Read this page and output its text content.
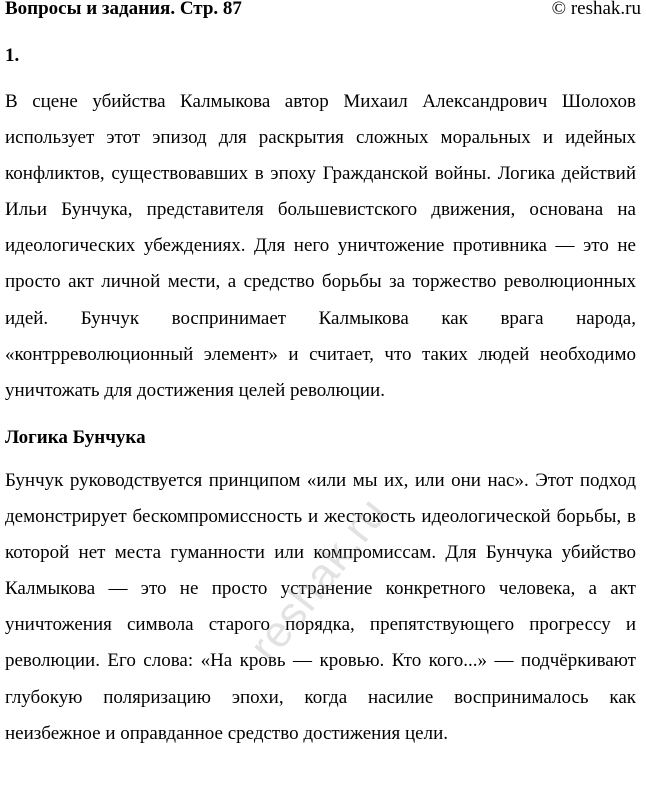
Вопросы и задания. Стр. 87	© reshak.ru
1.

В сцене убийства Калмыкова автор Михаил Александрович Шолохов использует этот эпизод для раскрытия сложных моральных и идейных конфликтов, существовавших в эпоху Гражданской войны. Логика действий Ильи Бунчука, представителя большевистского движения, основана на идеологических убеждениях. Для него уничтожение противника — это не просто акт личной мести, а средство борьбы за торжество революционных идей. Бунчук воспринимает Калмыкова как врага народа, «контрреволюционный элемент» и считает, что таких людей необходимо уничтожать для достижения целей революции.

Логика Бунчука

Бунчук руководствуется принципом «или мы их, или они нас». Этот подход демонстрирует бескомпромиссность и жестокость идеологической борьбы, в которой нет места гуманности или компромиссам. Для Бунчука убийство Калмыкова — это не просто устранение конкретного человека, а акт уничтожения символа старого порядка, препятствующего прогрессу и революции. Его слова: «На кровь — кровью. Кто кого...» — подчёркивают глубокую поляризацию эпохи, когда насилие воспринималось как неизбежное и оправданное средство достижения цели.

reshak.ru
